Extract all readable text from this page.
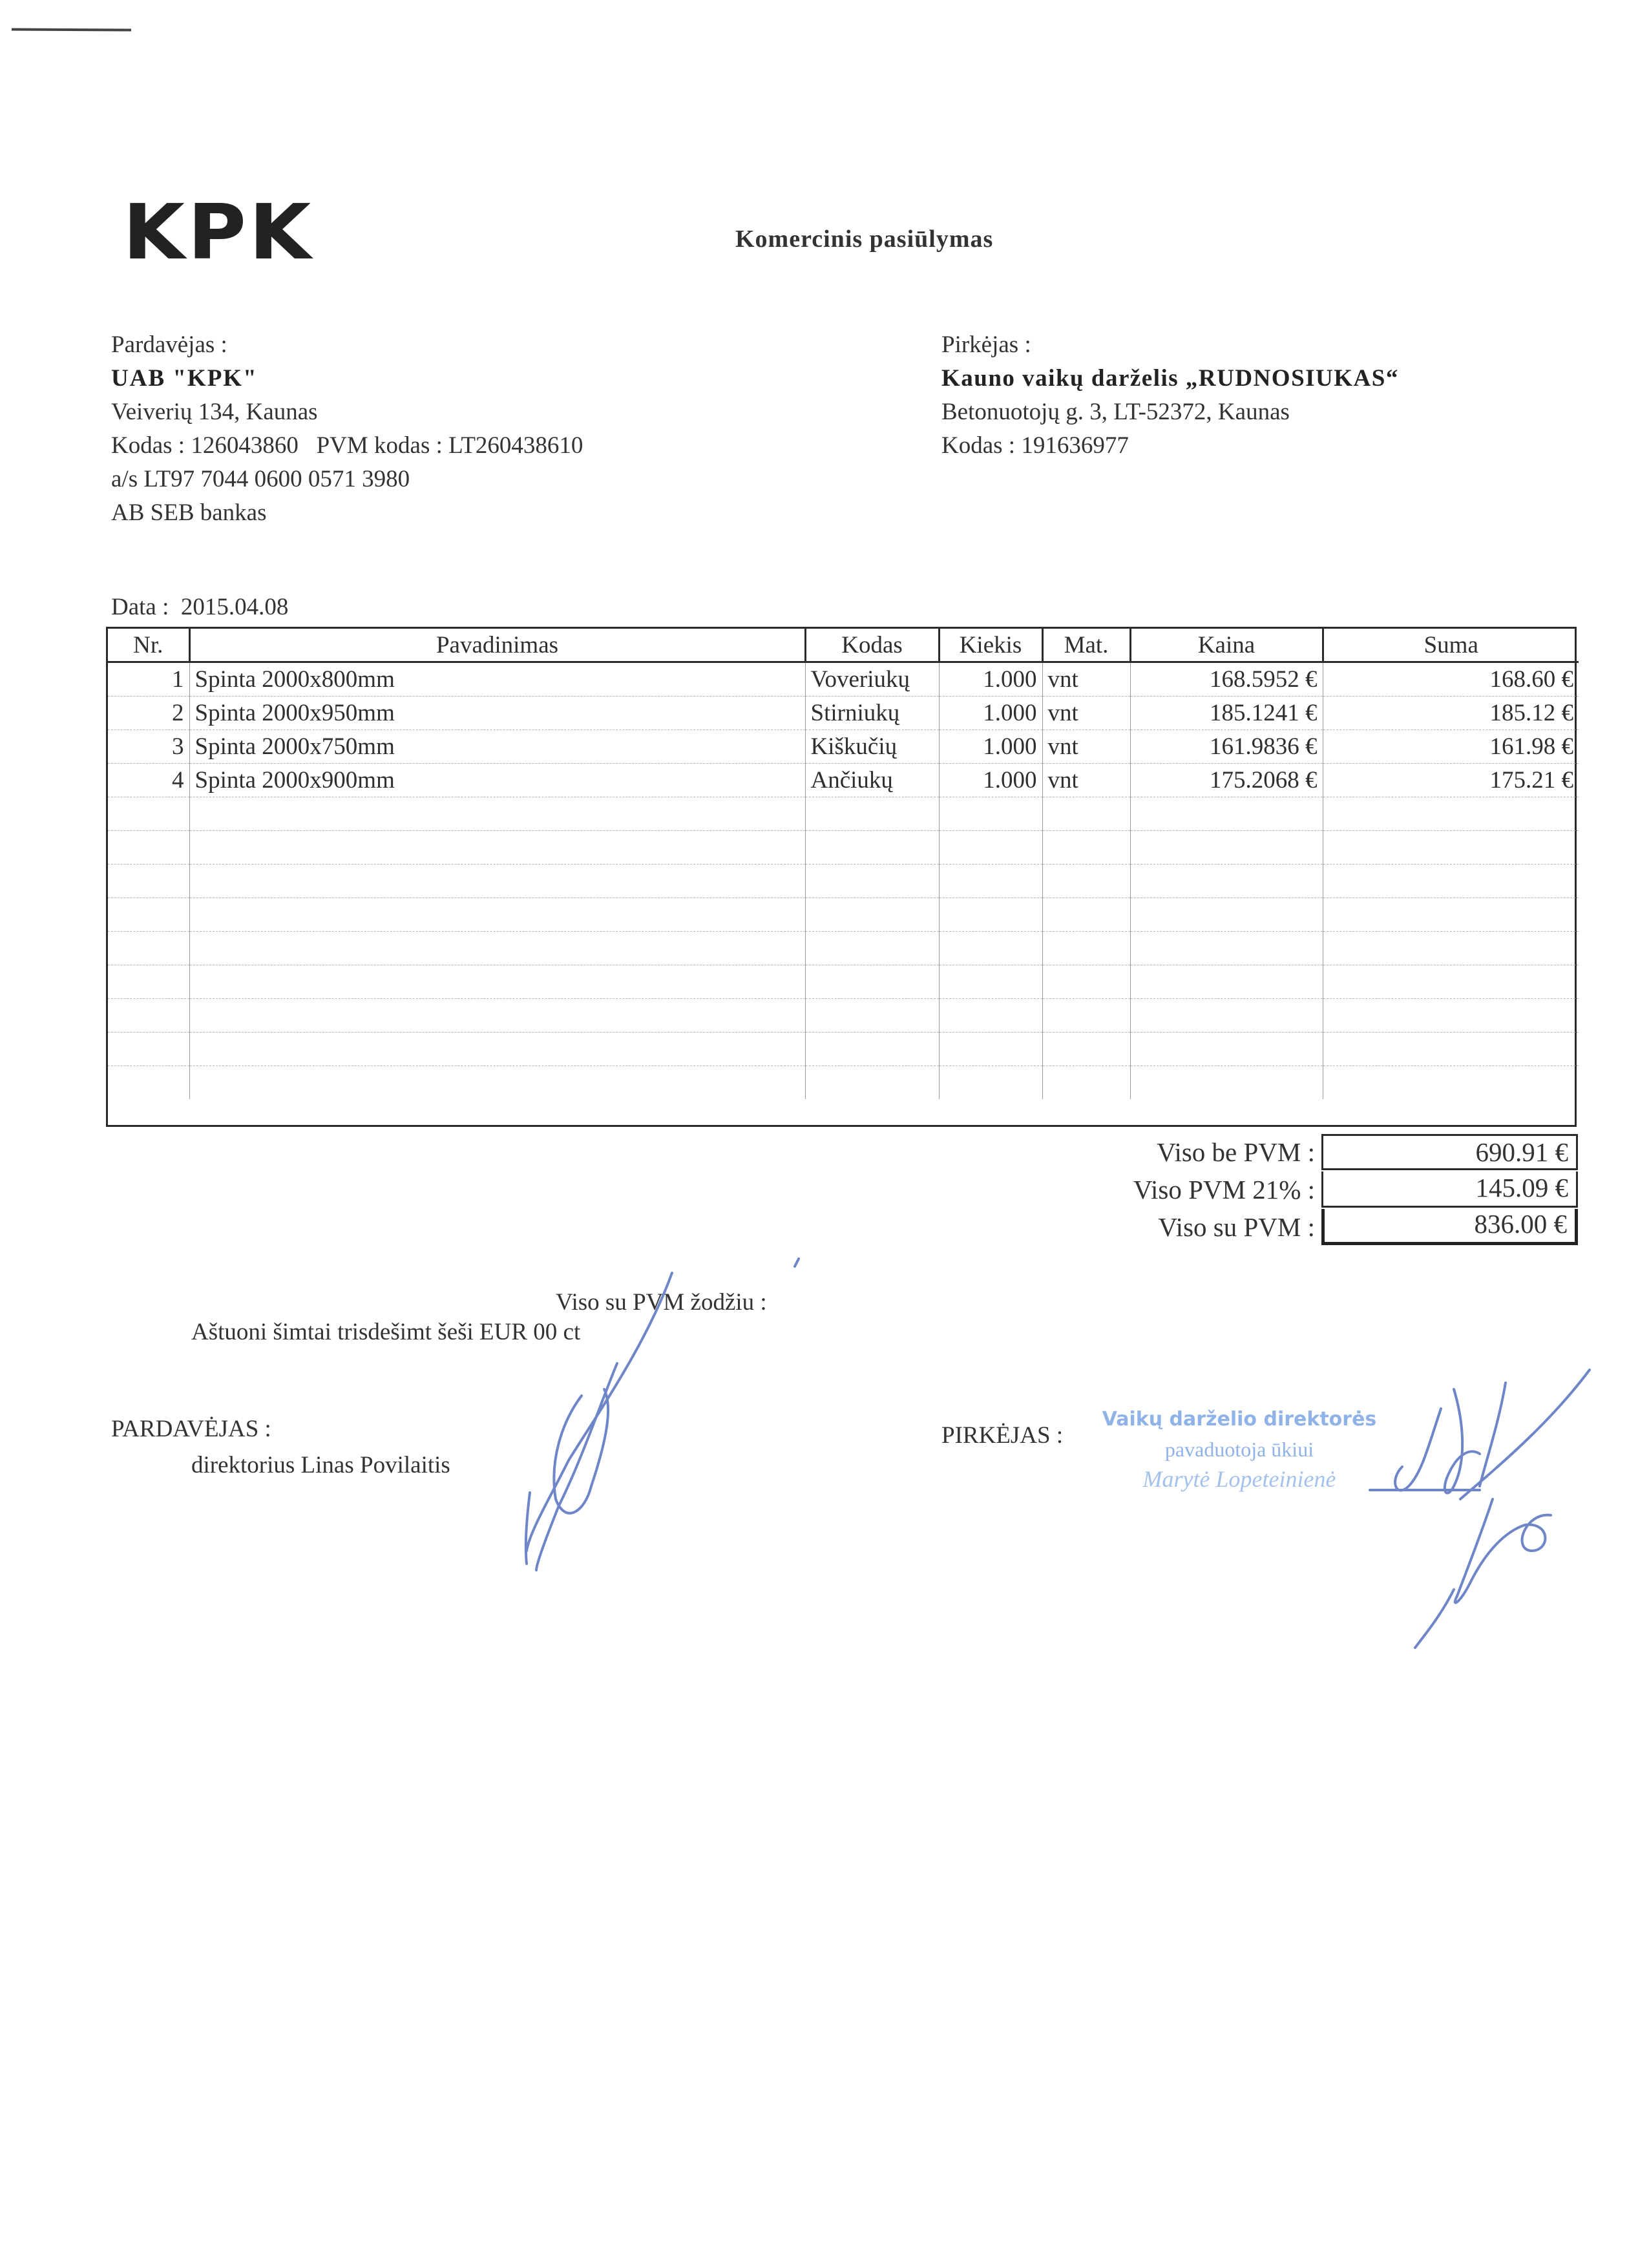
KPK	Komercinis pasiūlymas
Pardavėjas :
UAB "KPK"
Veiverių 134, Kaunas
Kodas : 126043860   PVM kodas : LT260438610
a/s LT97 7044 0600 0571 3980
AB SEB bankas
Pirkėjas :
Kauno vaikų darželis „RUDNOSIUKAS“
Betonuotojų g. 3, LT-52372, Kaunas
Kodas : 191636977
Data :  2015.04.08
Nr.	Pavadinimas	Kodas	Kiekis	Mat.	Kaina	Suma
1	Spinta 2000x800mm	Voveriukų	1.000	vnt	168.5952 €	168.60 €
2	Spinta 2000x950mm	Stirniukų	1.000	vnt	185.1241 €	185.12 €
3	Spinta 2000x750mm	Kiškučių	1.000	vnt	161.9836 €	161.98 €
4	Spinta 2000x900mm	Ančiukų	1.000	vnt	175.2068 €	175.21 €

Viso be PVM :	690.91 €
Viso PVM 21% :	145.09 €
Viso su PVM :	836.00 €
Viso su PVM žodžiu :
Aštuoni šimtai trisdešimt šeši EUR 00 ct
PARDAVĖJAS :
direktorius Linas Povilaitis
PIRKĖJAS :
Vaikų darželio direktorės
pavaduotoja ūkiui
Marytė Lopeteinienė
